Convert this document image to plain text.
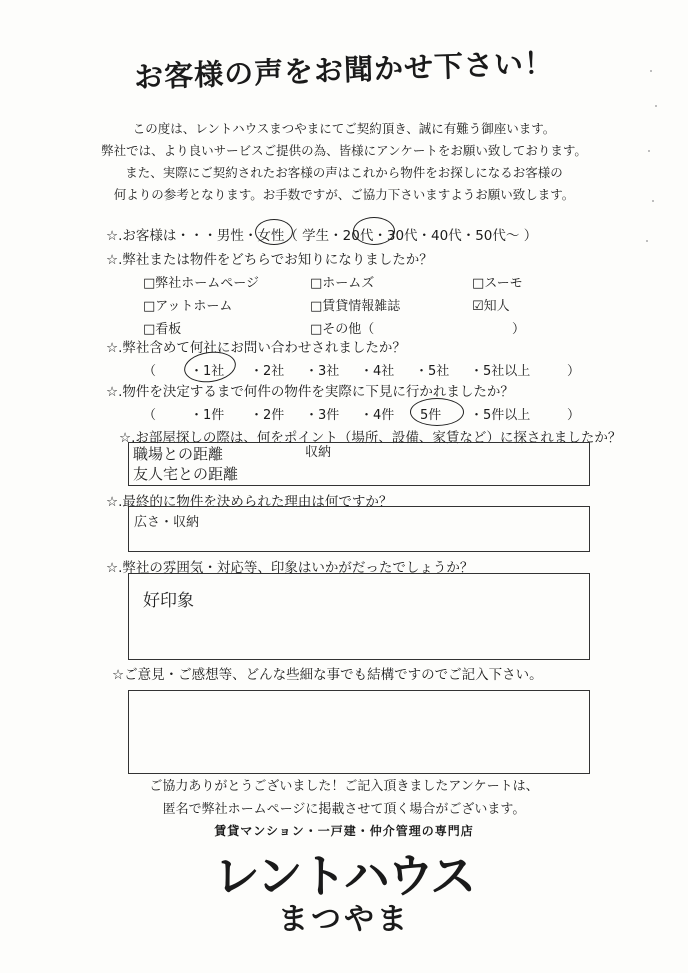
お客様の声をお聞かせ下さい！
この度は、レントハウスまつやまにてご契約頂き、誠に有難う御座います。
弊社では、より良いサービスご提供の為、皆様にアンケートをお願い致しております。
また、実際にご契約されたお客様の声はこれから物件をお探しになるお客様の
何よりの参考となります。お手数ですが、ご協力下さいますようお願い致します。
☆.お客様は・・・男性・女性（ 学生・20代・30代・40代・50代～ ）
☆.弊社または物件をどちらでお知りになりましたか？
□弊社ホームページ	□ホームズ	□スーモ
□アットホーム	□賃貸情報雑誌	☑知人
□看板	□その他（	）
☆.弊社含めて何社にお問い合わせされましたか？
（	・1社 ・2社 ・3社 ・4社 ・5社 ・5社以上	）
☆.物件を決定するまで何件の物件を実際に下見に行かれましたか？
（	・1件 ・2件 ・3件 ・4件 5件 ・5件以上	）
☆.お部屋探しの際は、何をポイント（場所、設備、家賃など）に探されましたか？
職場との距離	収納
友人宅との距離
☆.最終的に物件を決められた理由は何ですか？
広さ・収納
☆.弊社の雰囲気・対応等、印象はいかがだったでしょうか？
好印象
☆ご意見・ご感想等、どんな些細な事でも結構ですのでご記入下さい。
ご協力ありがとうございました！ご記入頂きましたアンケートは、
匿名で弊社ホームページに掲載させて頂く場合がございます。
賃貸マンション・一戸建・仲介管理の専門店
レントハウス
まつやま
